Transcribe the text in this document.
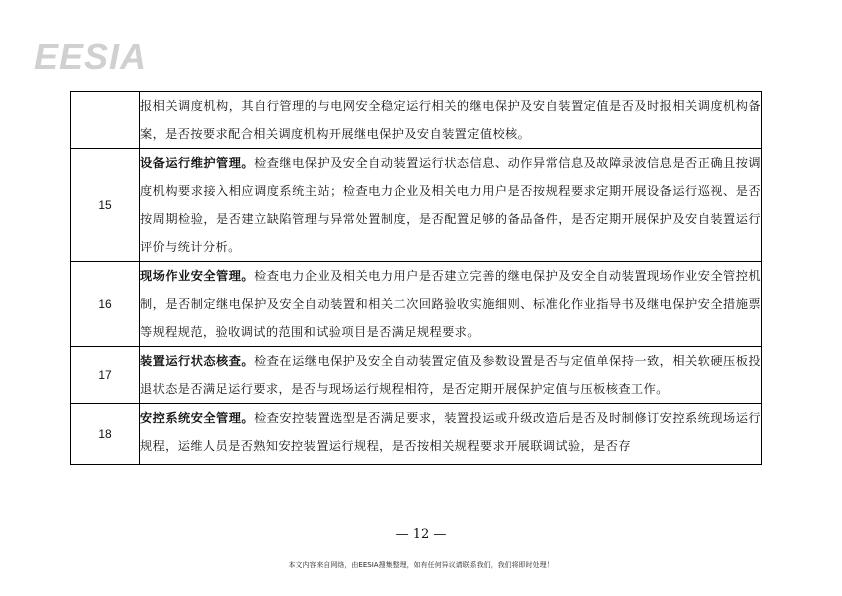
EESIA
	报相关调度机构，其自行管理的与电网安全稳定运行相关的继电保护及安自装置定值是否及时报相关调度机构备案，是否按要求配合相关调度机构开展继电保护及安自装置定值校核。
15	设备运行维护管理。检查继电保护及安全自动装置运行状态信息、动作异常信息及故障录波信息是否正确且按调度机构要求接入相应调度系统主站；检查电力企业及相关电力用户是否按规程要求定期开展设备运行巡视、是否按周期检验，是否建立缺陷管理与异常处置制度，是否配置足够的备品备件，是否定期开展保护及安自装置运行评价与统计分析。
16	现场作业安全管理。检查电力企业及相关电力用户是否建立完善的继电保护及安全自动装置现场作业安全管控机制，是否制定继电保护及安全自动装置和相关二次回路验收实施细则、标准化作业指导书及继电保护安全措施票等规程规范，验收调试的范围和试验项目是否满足规程要求。
17	装置运行状态核查。检查在运继电保护及安全自动装置定值及参数设置是否与定值单保持一致，相关软硬压板投退状态是否满足运行要求，是否与现场运行规程相符，是否定期开展保护定值与压板核查工作。
18	安控系统安全管理。检查安控装置选型是否满足要求，装置投运或升级改造后是否及时制修订安控系统现场运行规程，运维人员是否熟知安控装置运行规程，是否按相关规程要求开展联调试验，是否存
— 12 —
本文内容来自网络，由EESIA搜集整理，如有任何异议请联系我们，我们将即时处理！
